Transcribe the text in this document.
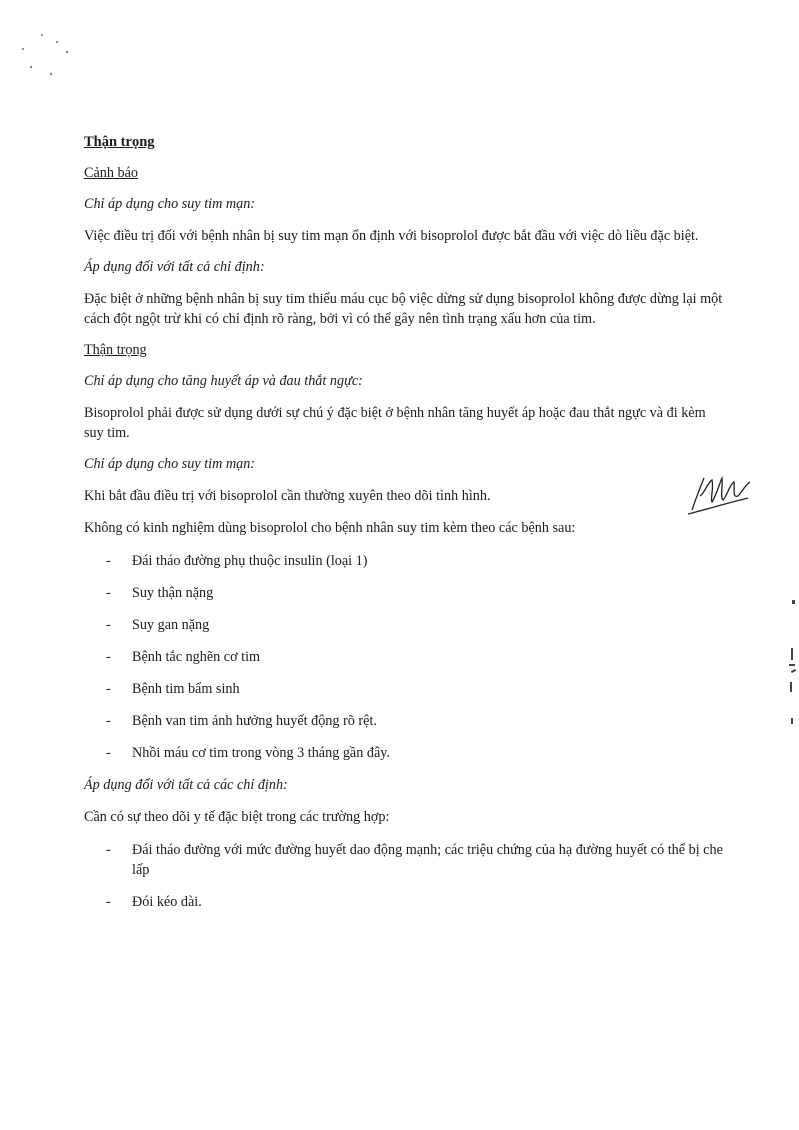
Thận trọng

Cảnh báo

Chỉ áp dụng cho suy tim mạn:

Việc điều trị đối với bệnh nhân bị suy tim mạn ổn định với bisoprolol được bắt đầu với việc dò liều đặc biệt.

Áp dụng đối với tất cả chỉ định:

Đặc biệt ở những bệnh nhân bị suy tim thiếu máu cục bộ việc dừng sử dụng bisoprolol không được dừng lại một cách đột ngột trừ khi có chỉ định rõ ràng, bởi vì có thể gây nên tình trạng xấu hơn của tim.

Thận trọng

Chỉ áp dụng cho tăng huyết áp và đau thắt ngực:

Bisoprolol phải được sử dụng dưới sự chú ý đặc biệt ở bệnh nhân tăng huyết áp hoặc đau thắt ngực và đi kèm suy tim.

Chỉ áp dụng cho suy tim mạn:

Khi bắt đầu điều trị với bisoprolol cần thường xuyên theo dõi tình hình.

Không có kinh nghiệm dùng bisoprolol cho bệnh nhân suy tim kèm theo các bệnh sau:

- Đái tháo đường phụ thuộc insulin (loại 1)
- Suy thận nặng
- Suy gan nặng
- Bệnh tắc nghẽn cơ tim
- Bệnh tim bẩm sinh
- Bệnh van tim ảnh hưởng huyết động rõ rệt.
- Nhồi máu cơ tim trong vòng 3 tháng gần đây.

Áp dụng đối với tất cả các chỉ định:

Cần có sự theo dõi y tế đặc biệt trong các trường hợp:

- Đái tháo đường với mức đường huyết dao động mạnh; các triệu chứng của hạ đường huyết có thể bị che lấp
- Đói kéo dài.
